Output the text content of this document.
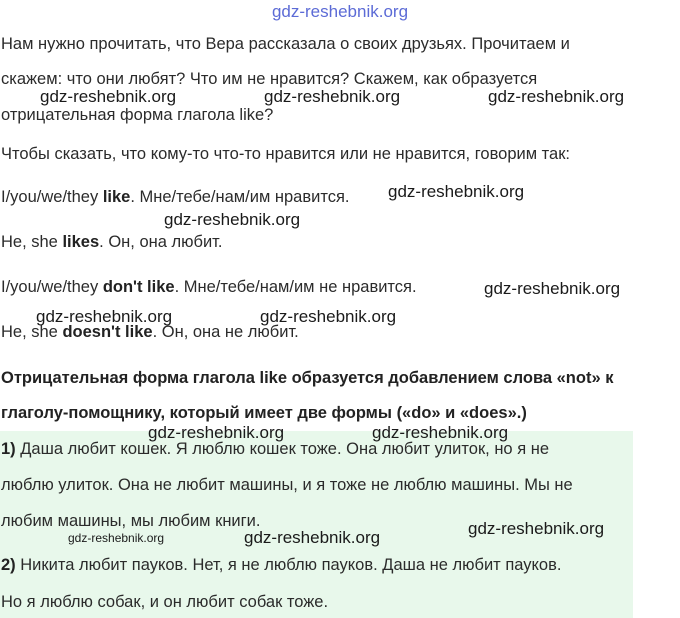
gdz-reshebnik.org
Нам нужно прочитать, что Вера рассказала о своих друзьях. Прочитаем и
скажем: что они любят? Что им не нравится? Скажем, как образуется
отрицательная форма глагола like?
Чтобы сказать, что кому-то что-то нравится или не нравится, говорим так:
I/you/we/they like. Мне/тебе/нам/им нравится.
He, she likes. Он, она любит.
I/you/we/they don't like. Мне/тебе/нам/им не нравится.
He, she doesn't like. Он, она не любит.
Отрицательная форма глагола like образуется добавлением слова «not» к
глаголу-помощнику, который имеет две формы («do» и «does».)
1) Даша любит кошек. Я люблю кошек тоже. Она любит улиток, но я не
люблю улиток. Она не любит машины, и я тоже не люблю машины. Мы не
любим машины, мы любим книги.
2) Никита любит пауков. Нет, я не люблю пауков. Даша не любит пауков.
Но я люблю собак, и он любит собак тоже.
gdz-reshebnik.org	gdz-reshebnik.org	gdz-reshebnik.org
gdz-reshebnik.org
gdz-reshebnik.org
gdz-reshebnik.org
gdz-reshebnik.org	gdz-reshebnik.org
gdz-reshebnik.org	gdz-reshebnik.org
gdz-reshebnik.org
gdz-reshebnik.org
gdz-reshebnik.org
